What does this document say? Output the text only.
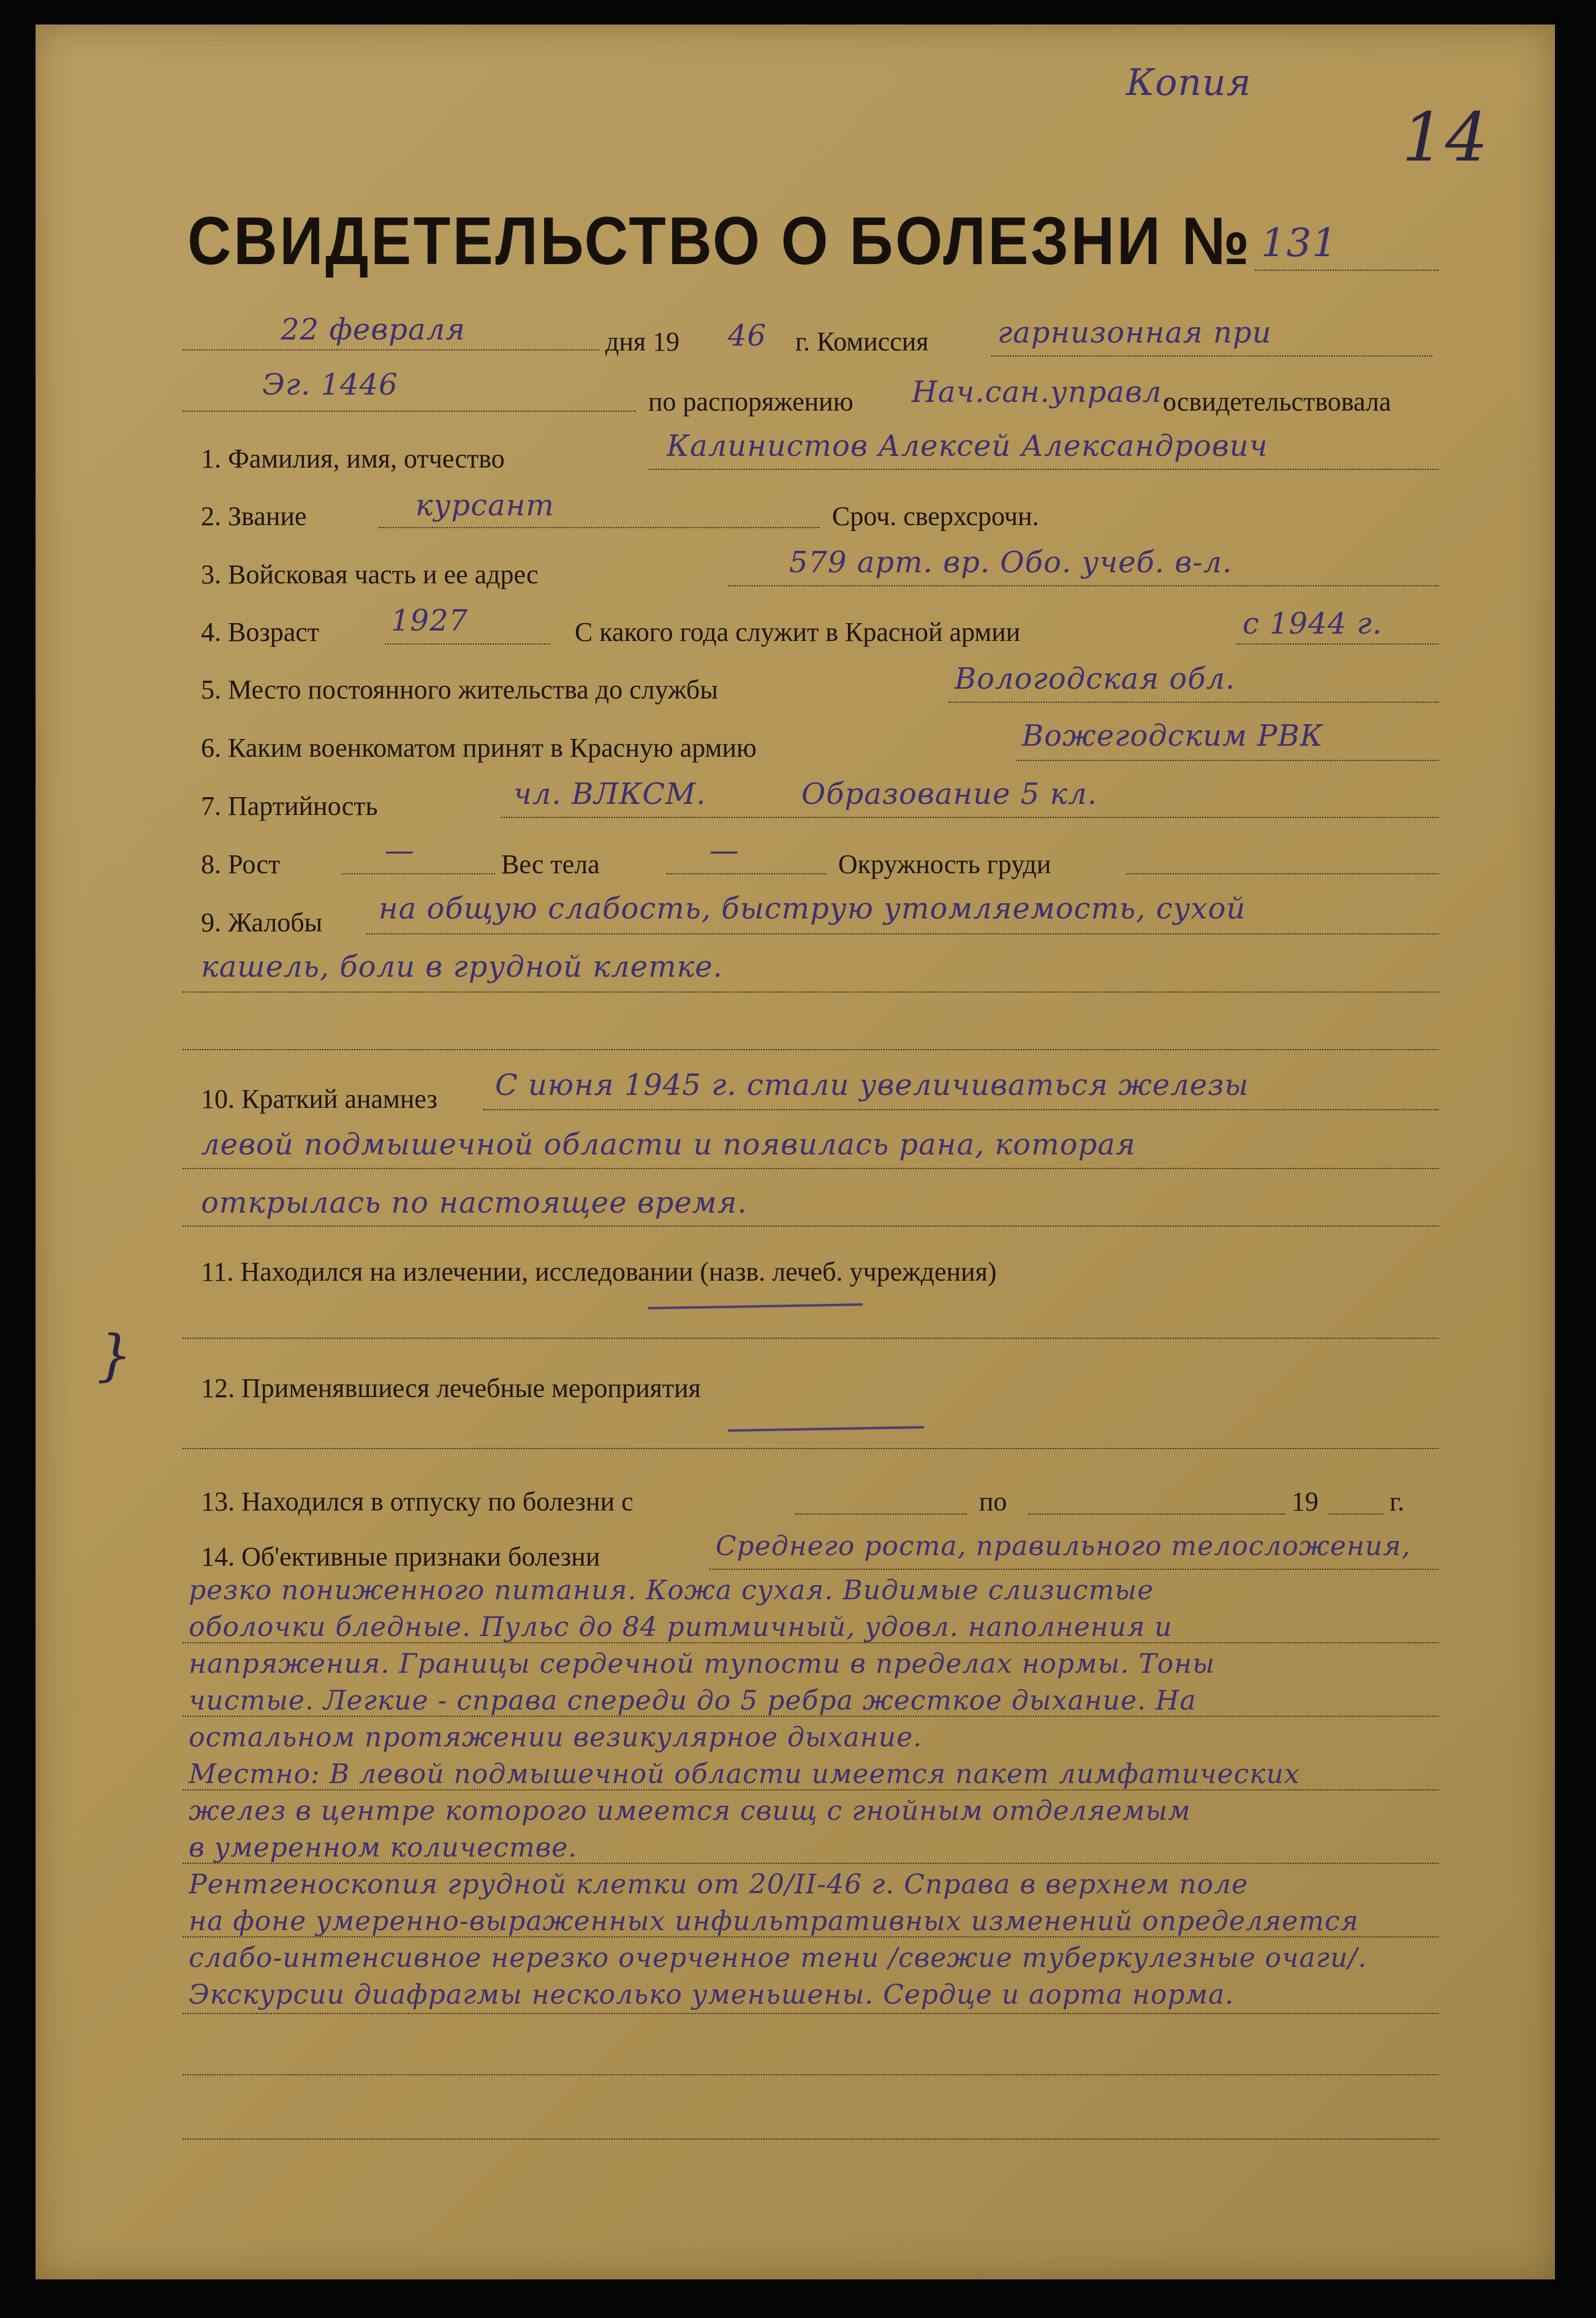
Копия
14
СВИДЕТЕЛЬСТВО О БОЛЕЗНИ № 131
22 февраля	дня 19 46 г. Комиссия гарнизонная при
Эг. 1446	по распоряжению Нач.сан.управл.
освидетельствовала
1. Фамилия, имя, отчество	Калинистов Алексей Александрович
2. Звание	курсант	Сроч. сверхсрочн.
3. Войсковая часть и ее адрес	579 арт. вр. Обо. учеб. в-л.
4. Возраст 1927	С какого года служит в Красной армии	с 1944 г.
5. Место постоянного жительства до службы	Вологодская обл.
6. Каким военкоматом принят в Красную армию	Вожегодским РВК
7. Партийность	чл. ВЛКСМ.	Образование 5 кл.
8. Рост	—	Вес тела	—	Окружность груди
9. Жалобы на общую слабость, быструю утомляемость, сухой
кашель, боли в грудной клетке.
10. Краткий анамнез С июня 1945 г. стали увеличиваться железы
левой подмышечной области и появилась рана, которая
открылась по настоящее время.
11. Находился на излечении, исследовании (назв. лечеб. учреждения)
}
12. Применявшиеся лечебные мероприятия
13. Находился в отпуску по болезни с	по	19	г.
14. Об'ективные признаки болезни	Среднего роста, правильного телосложения,
резко пониженного питания. Кожа сухая. Видимые слизистые
оболочки бледные. Пульс до 84 ритмичный, удовл. наполнения и
напряжения. Границы сердечной тупости в пределах нормы. Тоны
чистые. Легкие - справа спереди до 5 ребра жесткое дыхание. На
остальном протяжении везикулярное дыхание.
Местно: В левой подмышечной области имеется пакет лимфатических
желез в центре которого имеется свищ с гнойным отделяемым
в умеренном количестве.
Рентгеноскопия грудной клетки от 20/II-46 г. Справа в верхнем поле
на фоне умеренно-выраженных инфильтративных изменений определяется
слабо-интенсивное нерезко очерченное тени /свежие туберкулезные очаги/.
Экскурсии диафрагмы несколько уменьшены. Сердце и аорта норма.
